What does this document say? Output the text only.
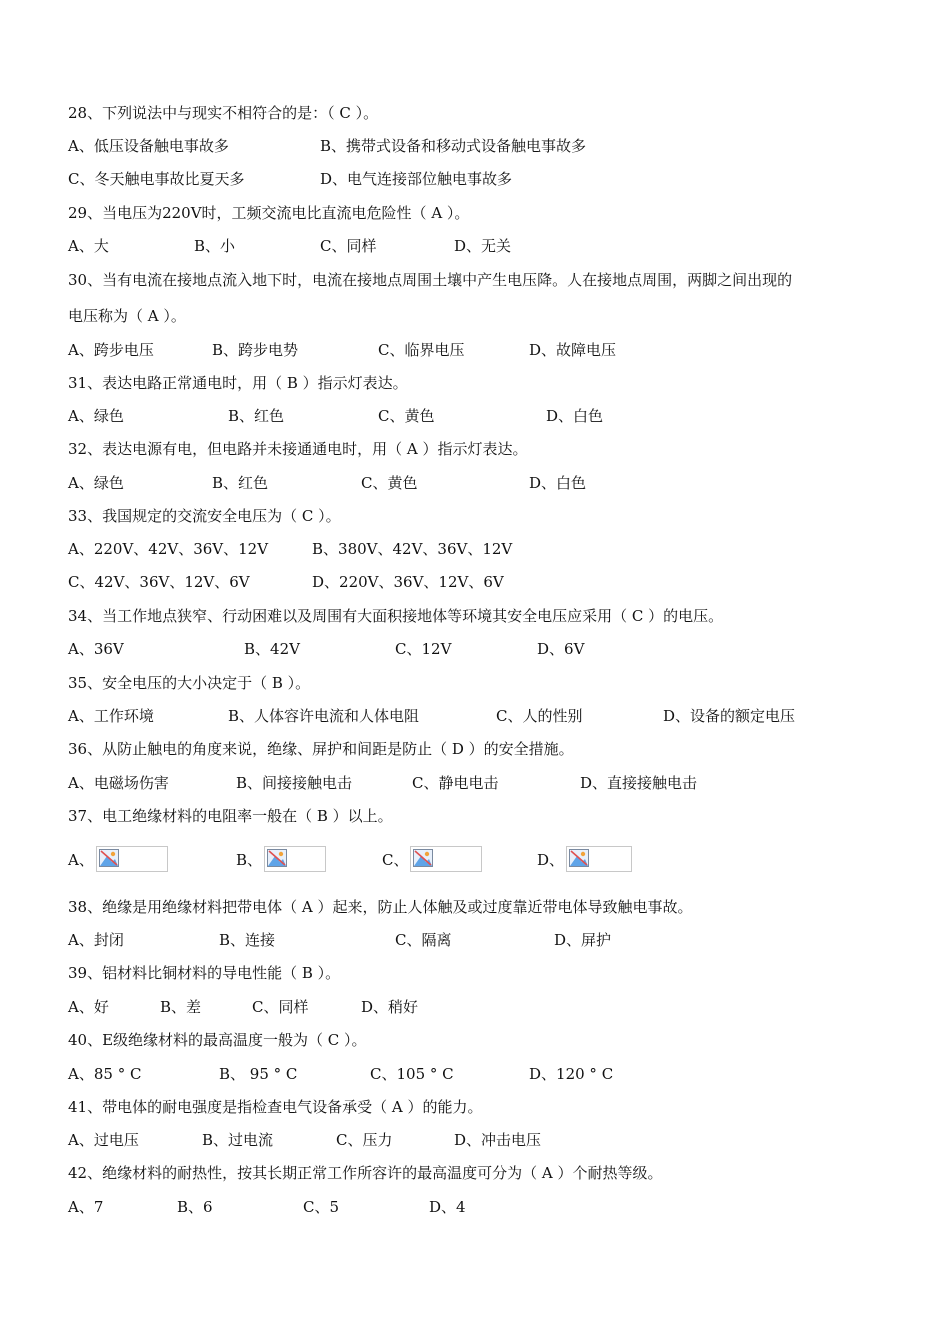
28、下列说法中与现实不相符合的是：（ C ）。
A、低压设备触电事故多	B、携带式设备和移动式设备触电事故多
C、冬天触电事故比夏天多	D、电气连接部位触电事故多
29、当电压为220V时，工频交流电比直流电危险性（ A ）。
A、大	B、小	C、同样	D、无关
30、当有电流在接地点流入地下时，电流在接地点周围土壤中产生电压降。人在接地点周围，两脚之间出现的
电压称为（ A ）。
A、跨步电压	B、跨步电势	C、临界电压	D、故障电压
31、表达电路正常通电时，用（ B ）指示灯表达。
A、绿色	B、红色	C、黄色	D、白色
32、表达电源有电，但电路并未接通通电时，用（ A ）指示灯表达。
A、绿色	B、红色	C、黄色	D、白色
33、我国规定的交流安全电压为（ C ）。
A、220V、42V、36V、12V	B、380V、42V、36V、12V
C、42V、36V、12V、6V	D、220V、36V、12V、6V
34、当工作地点狭窄、行动困难以及周围有大面积接地体等环境其安全电压应采用（ C ）的电压。
A、36V	B、42V	C、12V	D、6V
35、安全电压的大小决定于（ B ）。
A、工作环境	B、人体容许电流和人体电阻	C、人的性别	D、设备的额定电压
36、从防止触电的角度来说，绝缘、屏护和间距是防止（ D ）的安全措施。
A、电磁场伤害	B、间接接触电击	C、静电电击	D、直接接触电击
37、电工绝缘材料的电阻率一般在（ B ）以上。
A、	B、	C、	D、
38、绝缘是用绝缘材料把带电体（ A ）起来，防止人体触及或过度靠近带电体导致触电事故。
A、封闭	B、连接	C、隔离	D、屏护
39、铝材料比铜材料的导电性能（ B ）。
A、好	B、差	C、同样	D、稍好
40、E级绝缘材料的最高温度一般为（ C ）。
A、85 ° C	B、 95 ° C	C、105 ° C	D、120 ° C
41、带电体的耐电强度是指检查电气设备承受（ A ）的能力。
A、过电压	B、过电流	C、压力	D、冲击电压
42、绝缘材料的耐热性，按其长期正常工作所容许的最高温度可分为（ A ）个耐热等级。
A、7	B、6	C、5	D、4
